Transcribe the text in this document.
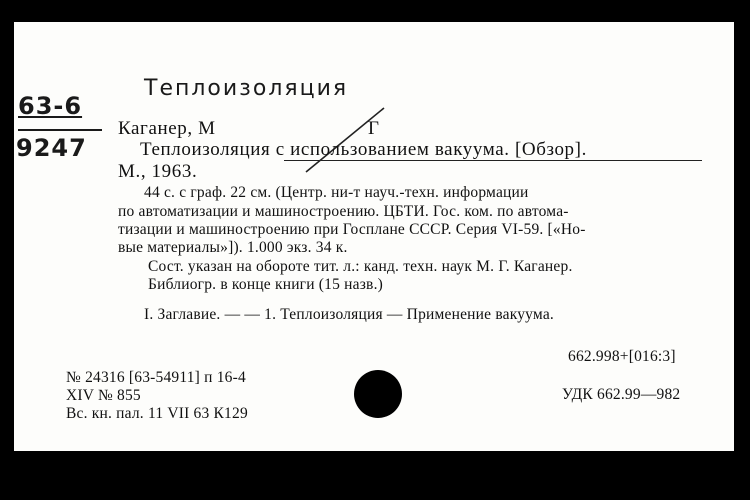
Теплоизоляция
63-6
9247
Каганер, М	Г
Теплоизоляция с использованием вакуума. [Обзор].
М., 1963.
44 с. с граф. 22 см. (Центр. ни-т науч.-техн. информации
по автоматизации и машиностроению. ЦБТИ. Гос. ком. по автома-
тизации и машиностроению при Госплане СССР. Серия VI-59. [«Но-
вые материалы»]). 1.000 экз. 34 к.
Сост. указан на обороте тит. л.: канд. техн. наук М. Г. Каганер.
Библиогр. в конце книги (15 назв.)
I. Заглавие. — — 1. Теплоизоляция — Применение вакуума.
662.998+[016:3]
№ 24316 [63-54911] п 16-4
XIV № 855
Вс. кн. пал. 11 VII 63 К129
УДК 662.99—982
